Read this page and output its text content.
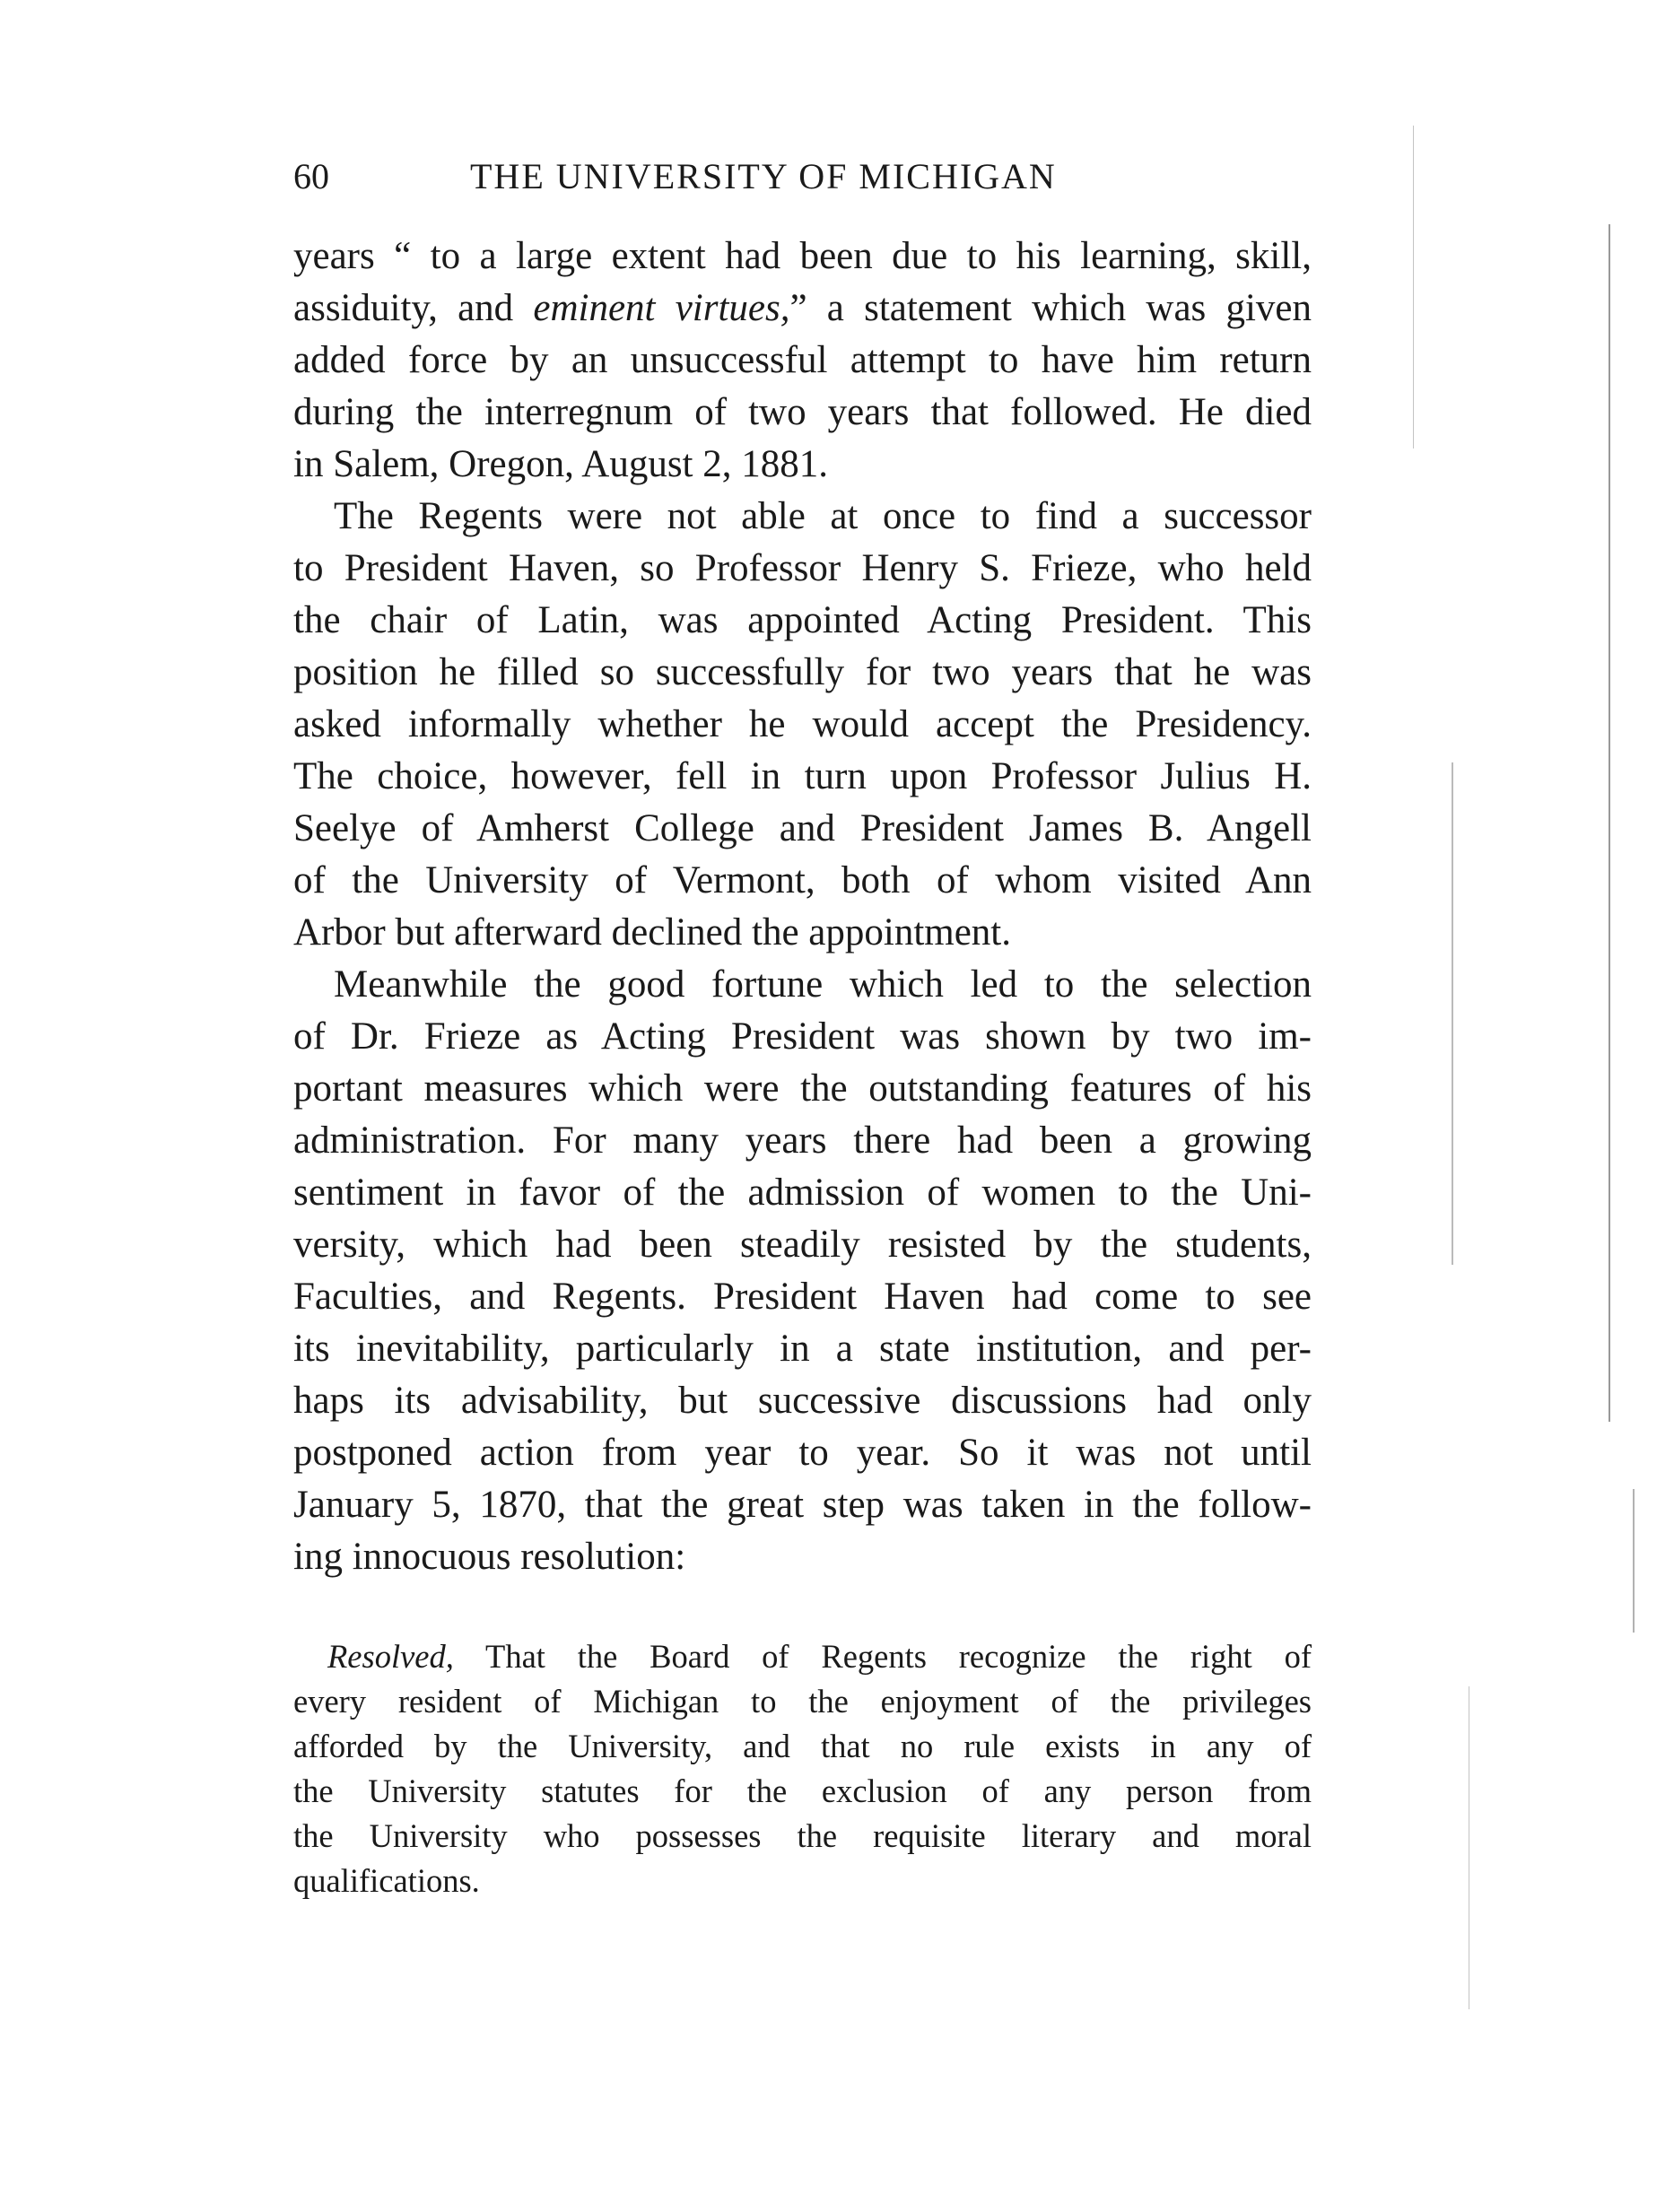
60	THE UNIVERSITY OF MICHIGAN
years “ to a large extent had been due to his learning, skill,
assiduity, and eminent virtues,” a statement which was given
added force by an unsuccessful attempt to have him return
during the interregnum of two years that followed. He died
in Salem, Oregon, August 2, 1881.
The Regents were not able at once to find a successor
to President Haven, so Professor Henry S. Frieze, who held
the chair of Latin, was appointed Acting President. This
position he filled so successfully for two years that he was
asked informally whether he would accept the Presidency.
The choice, however, fell in turn upon Professor Julius H.
Seelye of Amherst College and President James B. Angell
of the University of Vermont, both of whom visited Ann
Arbor but afterward declined the appointment.
Meanwhile the good fortune which led to the selection
of Dr. Frieze as Acting President was shown by two im-
portant measures which were the outstanding features of his
administration. For many years there had been a growing
sentiment in favor of the admission of women to the Uni-
versity, which had been steadily resisted by the students,
Faculties, and Regents. President Haven had come to see
its inevitability, particularly in a state institution, and per-
haps its advisability, but successive discussions had only
postponed action from year to year. So it was not until
January 5, 1870, that the great step was taken in the follow-
ing innocuous resolution:
Resolved, That the Board of Regents recognize the right of
every resident of Michigan to the enjoyment of the privileges
afforded by the University, and that no rule exists in any of
the University statutes for the exclusion of any person from
the University who possesses the requisite literary and moral
qualifications.
